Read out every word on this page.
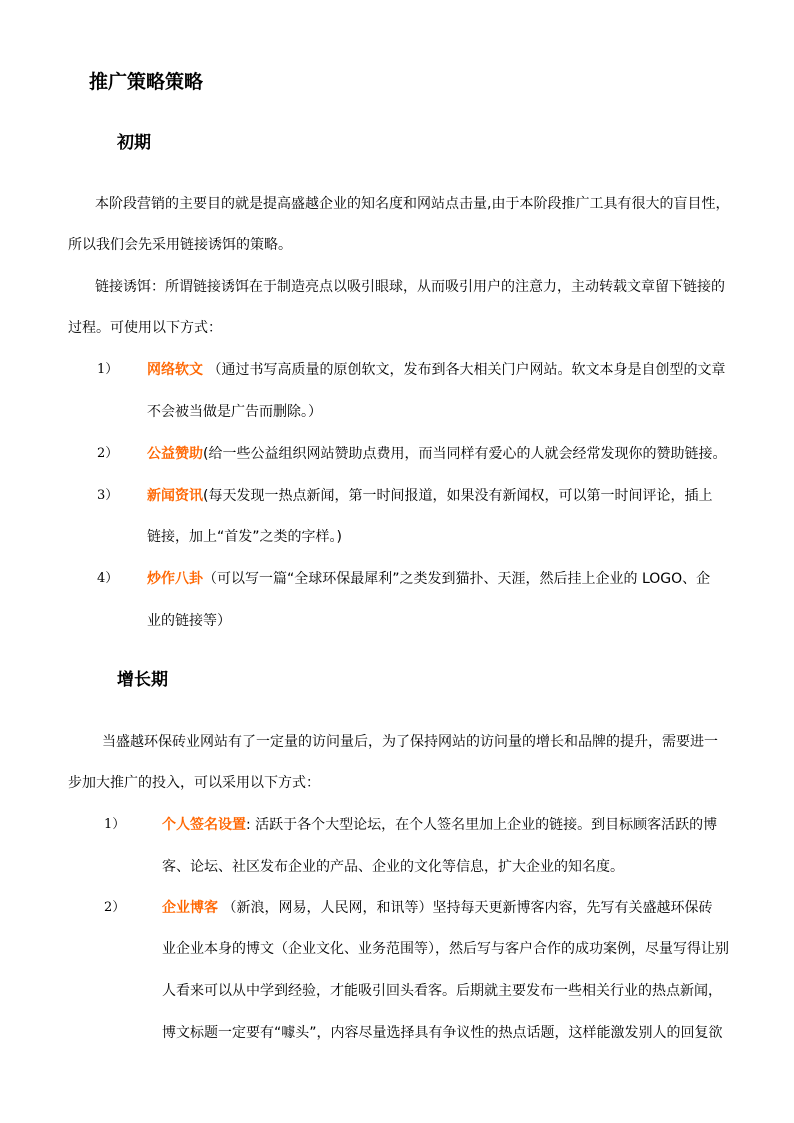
推广策略策略
初期
本阶段营销的主要目的就是提高盛越企业的知名度和网站点击量,由于本阶段推广工具有很大的盲目性，
所以我们会先采用链接诱饵的策略。
链接诱饵：所谓链接诱饵在于制造亮点以吸引眼球，从而吸引用户的注意力，主动转载文章留下链接的
过程。可使用以下方式：
1） 网络软文 （通过书写高质量的原创软文，发布到各大相关门户网站。软文本身是自创型的文章
不会被当做是广告而删除。）
2） 公益赞助(给一些公益组织网站赞助点费用，而当同样有爱心的人就会经常发现你的赞助链接。
3） 新闻资讯(每天发现一热点新闻，第一时间报道，如果没有新闻权，可以第一时间评论，插上
链接，加上“首发”之类的字样。)
4） 炒作八卦（可以写一篇“全球环保最犀利”之类发到猫扑、天涯，然后挂上企业的 LOGO、企
业的链接等）
增长期
当盛越环保砖业网站有了一定量的访问量后，为了保持网站的访问量的增长和品牌的提升，需要进一
步加大推广的投入，可以采用以下方式：
1）	个人签名设置: 活跃于各个大型论坛，在个人签名里加上企业的链接。到目标顾客活跃的博
客、论坛、社区发布企业的产品、企业的文化等信息，扩大企业的知名度。
2）	企业博客 （新浪，网易，人民网，和讯等）坚持每天更新博客内容，先写有关盛越环保砖
业企业本身的博文（企业文化、业务范围等），然后写与客户合作的成功案例，尽量写得让别
人看来可以从中学到经验，才能吸引回头看客。后期就主要发布一些相关行业的热点新闻，
博文标题一定要有“噱头”，内容尽量选择具有争议性的热点话题，这样能激发别人的回复欲
